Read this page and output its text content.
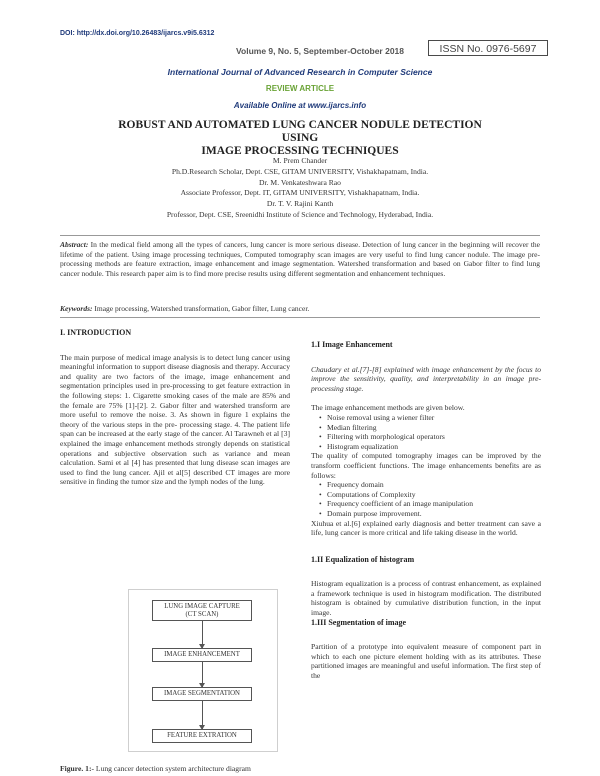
DOI: http://dx.doi.org/10.26483/ijarcs.v9i5.6312
ISSN No. 0976-5697
Volume 9, No. 5, September-October 2018
International Journal of Advanced Research in Computer Science
REVIEW ARTICLE
Available Online at www.ijarcs.info
ROBUST AND AUTOMATED LUNG CANCER NODULE DETECTION USING
IMAGE PROCESSING TECHNIQUES
M. Prem Chander
Ph.D.Research Scholar, Dept. CSE, GITAM UNIVERSITY, Vishakhapatnam, India.
Dr. M. Venkateshwara Rao
Associate Professor, Dept. IT, GITAM UNIVERSITY, Vishakhapatnam, India.
Dr. T. V. Rajini Kanth
Professor, Dept. CSE, Sreenidhi Institute of Science and Technology, Hyderabad, India.
Abstract: In the medical field among all the types of cancers, lung cancer is more serious disease. Detection of lung cancer in the beginning will recover the lifetime of the patient. Using image processing techniques, Computed tomography scan images are very useful to find lung cancer nodule. The image pre-processing methods are feature extraction, image enhancement and image segmentation. Watershed transformation and based on Gabor filter to find lung cancer nodule. This research paper aim is to find more precise results using different segmentation and enhancement techniques.
Keywords: Image processing, Watershed transformation, Gabor filter, Lung cancer.
I. INTRODUCTION

The main purpose of medical image analysis is to detect lung cancer using meaningful information to support disease diagnosis and therapy. Accuracy and quality are two factors of the image, image enhancement and segmentation principles used in pre-processing to get feature extraction in the following steps: 1. Cigarette smoking cases of the male are 85% and the female are 75% [1]-[2]. 2. Gabor filter and watershed transform are more useful to remove the noise. 3. As shown in figure 1 explains the theory of the various steps in the pre- processing stage. 4. The patient life span can be increased at the early stage of the cancer. Al Tarawneh et al [3] explained the image enhancement methods strongly depends on statistical operations and subjective observation such as variance and mean calculation. Sami et al [4] has presented that lung disease scan images are used to find the lung cancer. Ajil et al[5] described CT images are more sensitive in finding the tumor size and the lymph nodes of the lung.

LUNG IMAGE CAPTURE
(CT SCAN)
IMAGE ENHANCEMENT
IMAGE SEGMENTATION
FEATURE EXTRATION
Figure. 1:- Lung cancer detection system architecture diagram
1.I Image Enhancement

Chaudary et al.[7]-[8] explained with image enhancement by the focus to improve the sensitivity, quality, and interpretability in an image pre-processing stage.

The image enhancement methods are given below.

• Noise removal using a wiener filter
• Median filtering
• Filtering with morphological operators
• Histogram equalization

The quality of computed tomography images can be improved by the transform coefficient functions. The image enhancements benefits are as follows:

• Frequency domain
• Computations of Complexity
• Frequency coefficient of an image manipulation
• Domain purpose improvement.

Xiuhua et al.[6] explained early diagnosis and better treatment can save a life, lung cancer is more critical and life taking disease in the world.

1.II Equalization of histogram

Histogram equalization is a process of contrast enhancement, as explained a framework technique is used in histogram modification. The distributed histogram is obtained by cumulative distribution function, in the input image.

1.III Segmentation of image

Partition of a prototype into equivalent measure of component part in which to each one picture element holding with as its attributes. These partitioned images are meaningful and useful information. The first step of the
